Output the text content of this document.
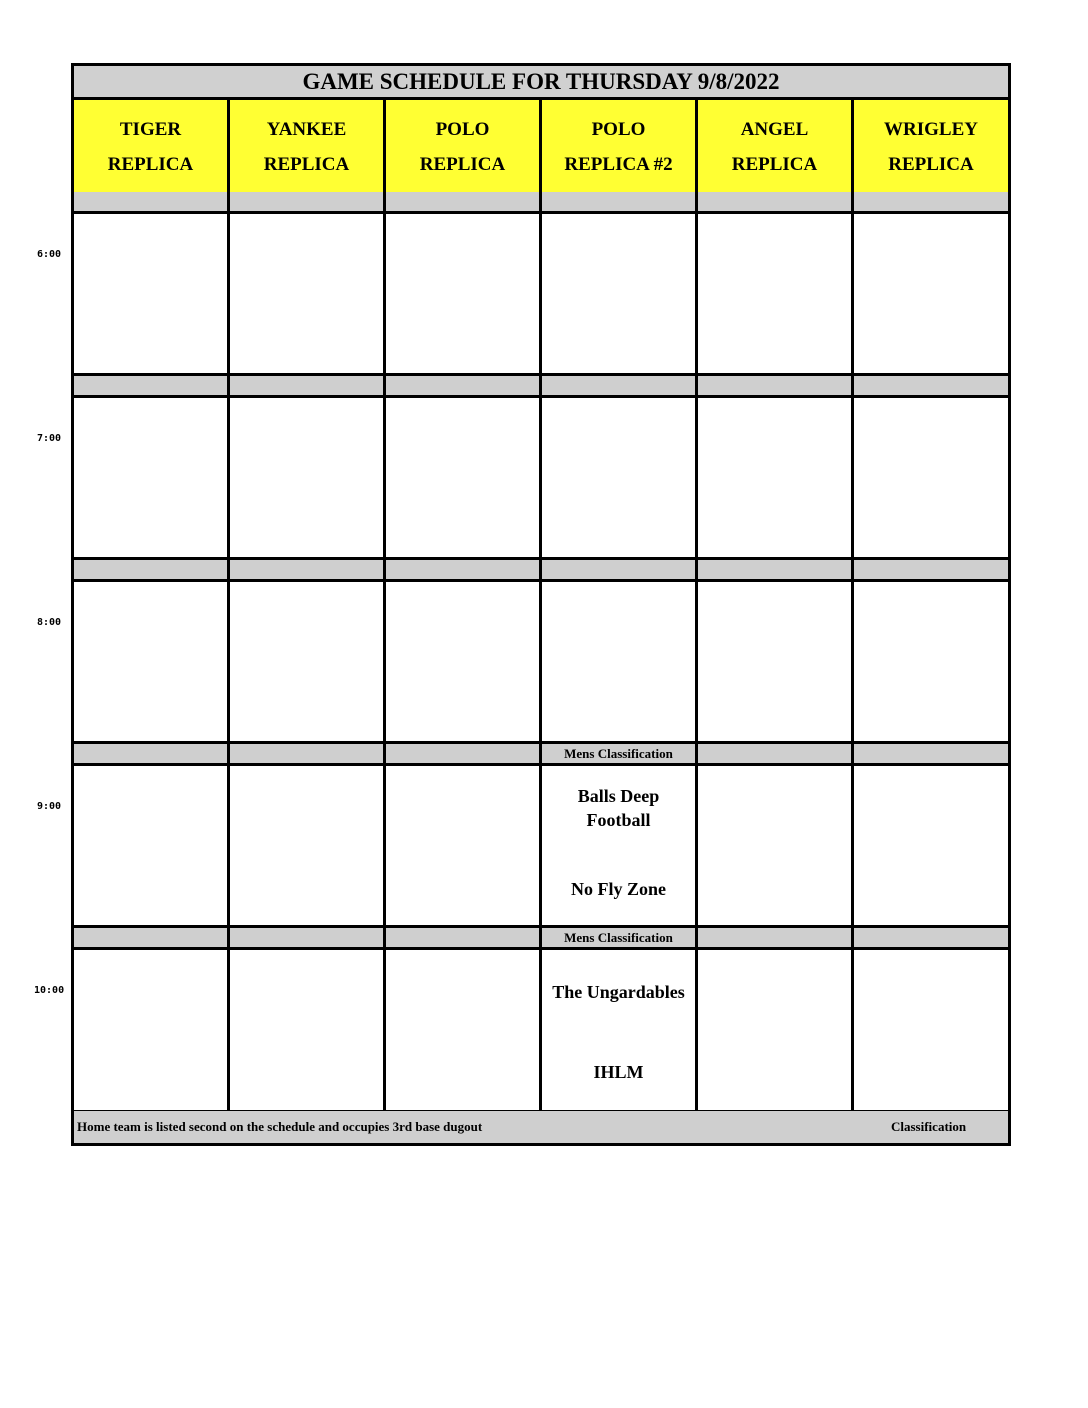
6:00
7:00
8:00
9:00
10:00
GAME SCHEDULE FOR THURSDAY 9/8/2022
TIGER
REPLICA
YANKEE
REPLICA
POLO
REPLICA
POLO
REPLICA #2
ANGEL
REPLICA
WRIGLEY
REPLICA
Mens Classification
Balls Deep
Football
No Fly Zone
Mens Classification
The Ungardables
IHLM
Home team is listed second on the schedule and occupies 3rd base dugout	Classification
